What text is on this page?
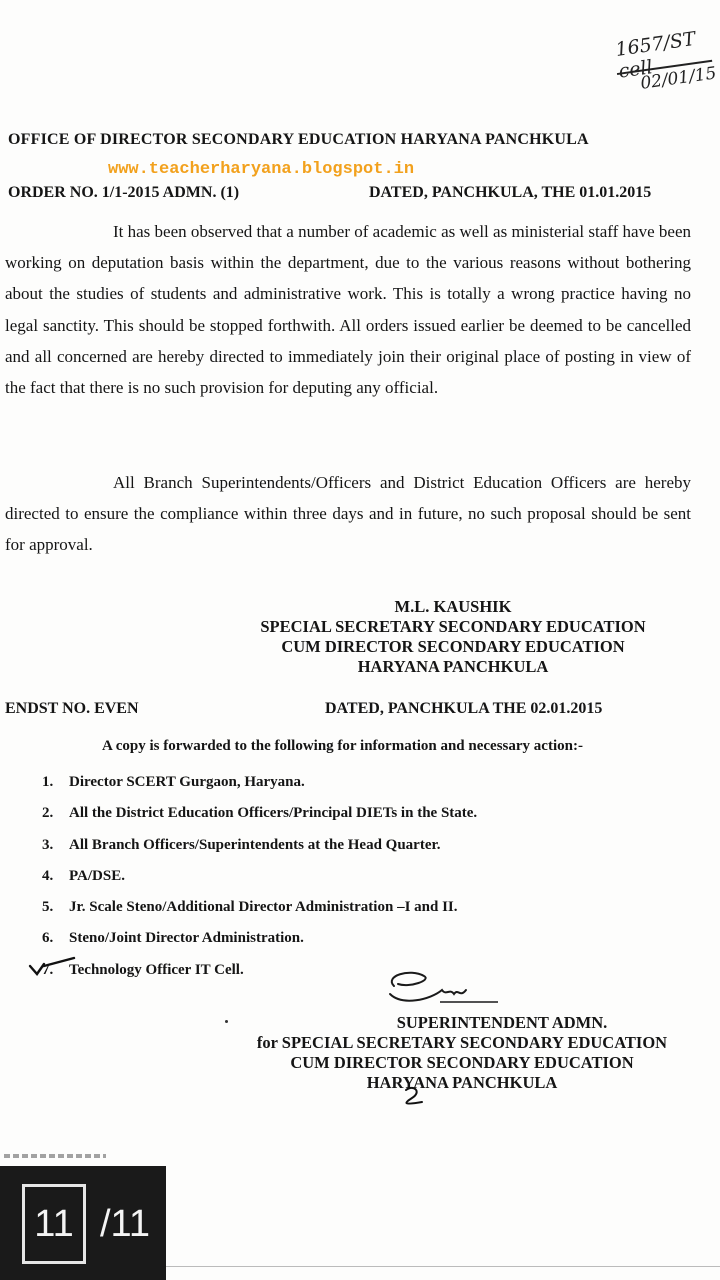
1657/ST cell
02/01/15
OFFICE OF DIRECTOR SECONDARY EDUCATION HARYANA PANCHKULA
www.teacherharyana.blogspot.in
ORDER NO. 1/1-2015 ADMN. (1)	DATED, PANCHKULA, THE 01.01.2015

It has been observed that a number of academic as well as ministerial staff have been working on deputation basis within the department, due to the various reasons without bothering about the studies of students and administrative work. This is totally a wrong practice having no legal sanctity. This should be stopped forthwith. All orders issued earlier be deemed to be cancelled and all concerned are hereby directed to immediately join their original place of posting in view of the fact that there is no such provision for deputing any official.

All Branch Superintendents/Officers and District Education Officers are hereby directed to ensure the compliance within three days and in future, no such proposal should be sent for approval.

M.L. KAUSHIK
SPECIAL SECRETARY SECONDARY EDUCATION
CUM DIRECTOR SECONDARY EDUCATION
HARYANA PANCHKULA
ENDST NO. EVEN	DATED, PANCHKULA THE 02.01.2015
A copy is forwarded to the following for information and necessary action:-
1.	Director SCERT Gurgaon, Haryana.
2.	All the District Education Officers/Principal DIETs in the State.
3.	All Branch Officers/Superintendents at the Head Quarter.
4.	PA/DSE.
5.	Jr. Scale Steno/Additional Director Administration –I and II.
6.	Steno/Joint Director Administration.
7.	Technology Officer IT Cell.
SUPERINTENDENT ADMN.
for SPECIAL SECRETARY SECONDARY EDUCATION
CUM DIRECTOR SECONDARY EDUCATION
HARYANA PANCHKULA
11 /11
